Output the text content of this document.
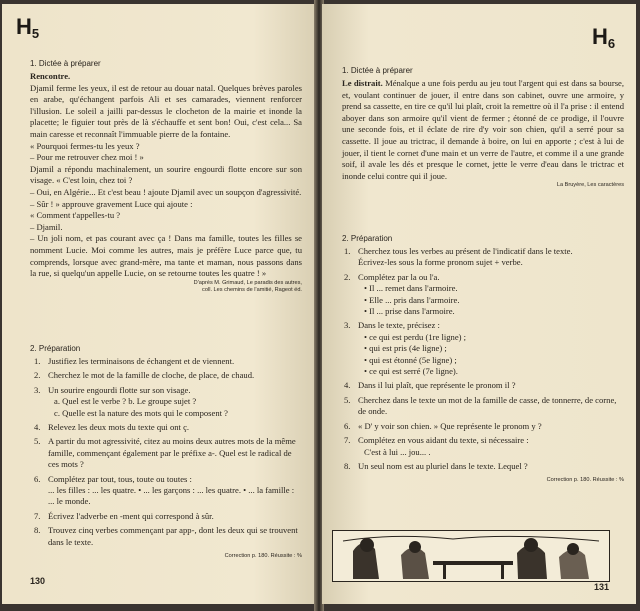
H5
1. Dictée à préparer

Rencontre.

Djamil ferme les yeux, il est de retour au douar natal. Quelques brèves paroles en arabe, qu'échangent parfois Ali et ses camarades, viennent renforcer l'illusion. Le soleil a jailli par-dessus le clocheton de la mairie et inonde la placette; le figuier tout près de là s'échauffe et sent bon! Oui, c'est cela... Sa main caresse et reconnaît l'immuable pierre de la fontaine.

« Pourquoi fermes-tu les yeux ?

– Pour me retrouver chez moi ! »

Djamil a répondu machinalement, un sourire engourdi flotte encore sur son visage. « C'est loin, chez toi ?

– Oui, en Algérie... Et c'est beau ! ajoute Djamil avec un soupçon d'agressivité.

– Sûr ! » approuve gravement Luce qui ajoute :

« Comment t'appelles-tu ?

– Djamil.

– Un joli nom, et pas courant avec ça ! Dans ma famille, toutes les filles se nomment Lucie. Moi comme les autres, mais je préfère Luce parce que, tu comprends, lorsque avec grand-mère, ma tante et maman, nous passons dans la rue, si quelqu'un appelle Lucie, on se retourne toutes les quatre ! »

D'après M. Grimaud, Le paradis des autres,
coll. Les chemins de l'amitié, Rageot éd.
2. Préparation
1. Justifiez les terminaisons de échangent et de viennent.
2. Cherchez le mot de la famille de cloche, de place, de chaud.
3. Un sourire engourdi flotte sur son visage.
a. Quel est le verbe ? b. Le groupe sujet ?
c. Quelle est la nature des mots qui le composent ?
4. Relevez les deux mots du texte qui ont ç.
5. A partir du mot agressivité, citez au moins deux autres mots de la même famille, commençant également par le préfixe a-. Quel est le radical de ces mots ?
6. Complétez par tout, tous, toute ou toutes :
... les filles : ... les quatre. • ... les garçons : ... les quatre. • ... la famille : ... le monde.
7. Écrivez l'adverbe en -ment qui correspond à sûr.
8. Trouvez cinq verbes commençant par app-, dont les deux qui se trouvent dans le texte.
Correction p. 180. Réussite : %
130
H6
1. Dictée à préparer

Le distrait. Ménalque a une fois perdu au jeu tout l'argent qui est dans sa bourse, et, voulant continuer de jouer, il entre dans son cabinet, ouvre une armoire, y prend sa cassette, en tire ce qu'il lui plaît, croit la remettre où il l'a prise : il entend aboyer dans son armoire qu'il vient de fermer ; étonné de ce prodige, il l'ouvre une seconde fois, et il éclate de rire d'y voir son chien, qu'il a serré pour sa cassette. Il joue au trictrac, il demande à boire, on lui en apporte ; c'est à lui de jouer, il tient le cornet d'une main et un verre de l'autre, et comme il a une grande soif, il avale les dés et presque le cornet, jette le verre d'eau dans le trictrac et inonde celui contre qui il joue.

La Bruyère, Les caractères
2. Préparation
1. Cherchez tous les verbes au présent de l'indicatif dans le texte.
Écrivez-les sous la forme pronom sujet + verbe.
2. Complétez par la ou l'a.
• Il ... remet dans l'armoire.
• Elle ... pris dans l'armoire.
• Il ... prise dans l'armoire.
3. Dans le texte, précisez :
• ce qui est perdu (1re ligne) ;
• qui est pris (4e ligne) ;
• qui est étonné (5e ligne) ;
• ce qui est serré (7e ligne).
4. Dans il lui plaît, que représente le pronom il ?
5. Cherchez dans le texte un mot de la famille de casse, de tonnerre, de corne, de onde.
6. « D' y voir son chien. » Que représente le pronom y ?
7. Complétez en vous aidant du texte, si nécessaire :
C'est à lui ... jou... .
8. Un seul nom est au pluriel dans le texte. Lequel ?
Correction p. 180. Réussite : %
131
